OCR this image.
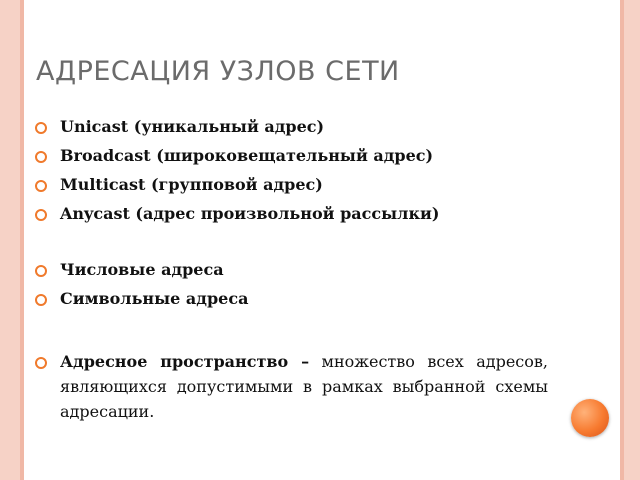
АДРЕСАЦИЯ УЗЛОВ СЕТИ
Unicast (уникальный адрес)
Broadcast (широковещательный адрес)
Multicast (групповой адрес)
Anycast (адрес произвольной рассылки)
Числовые адреса
Символьные адреса
Адресное пространство – множество всех адресов, являющихся допустимыми в рамках выбранной схемы адресации.
